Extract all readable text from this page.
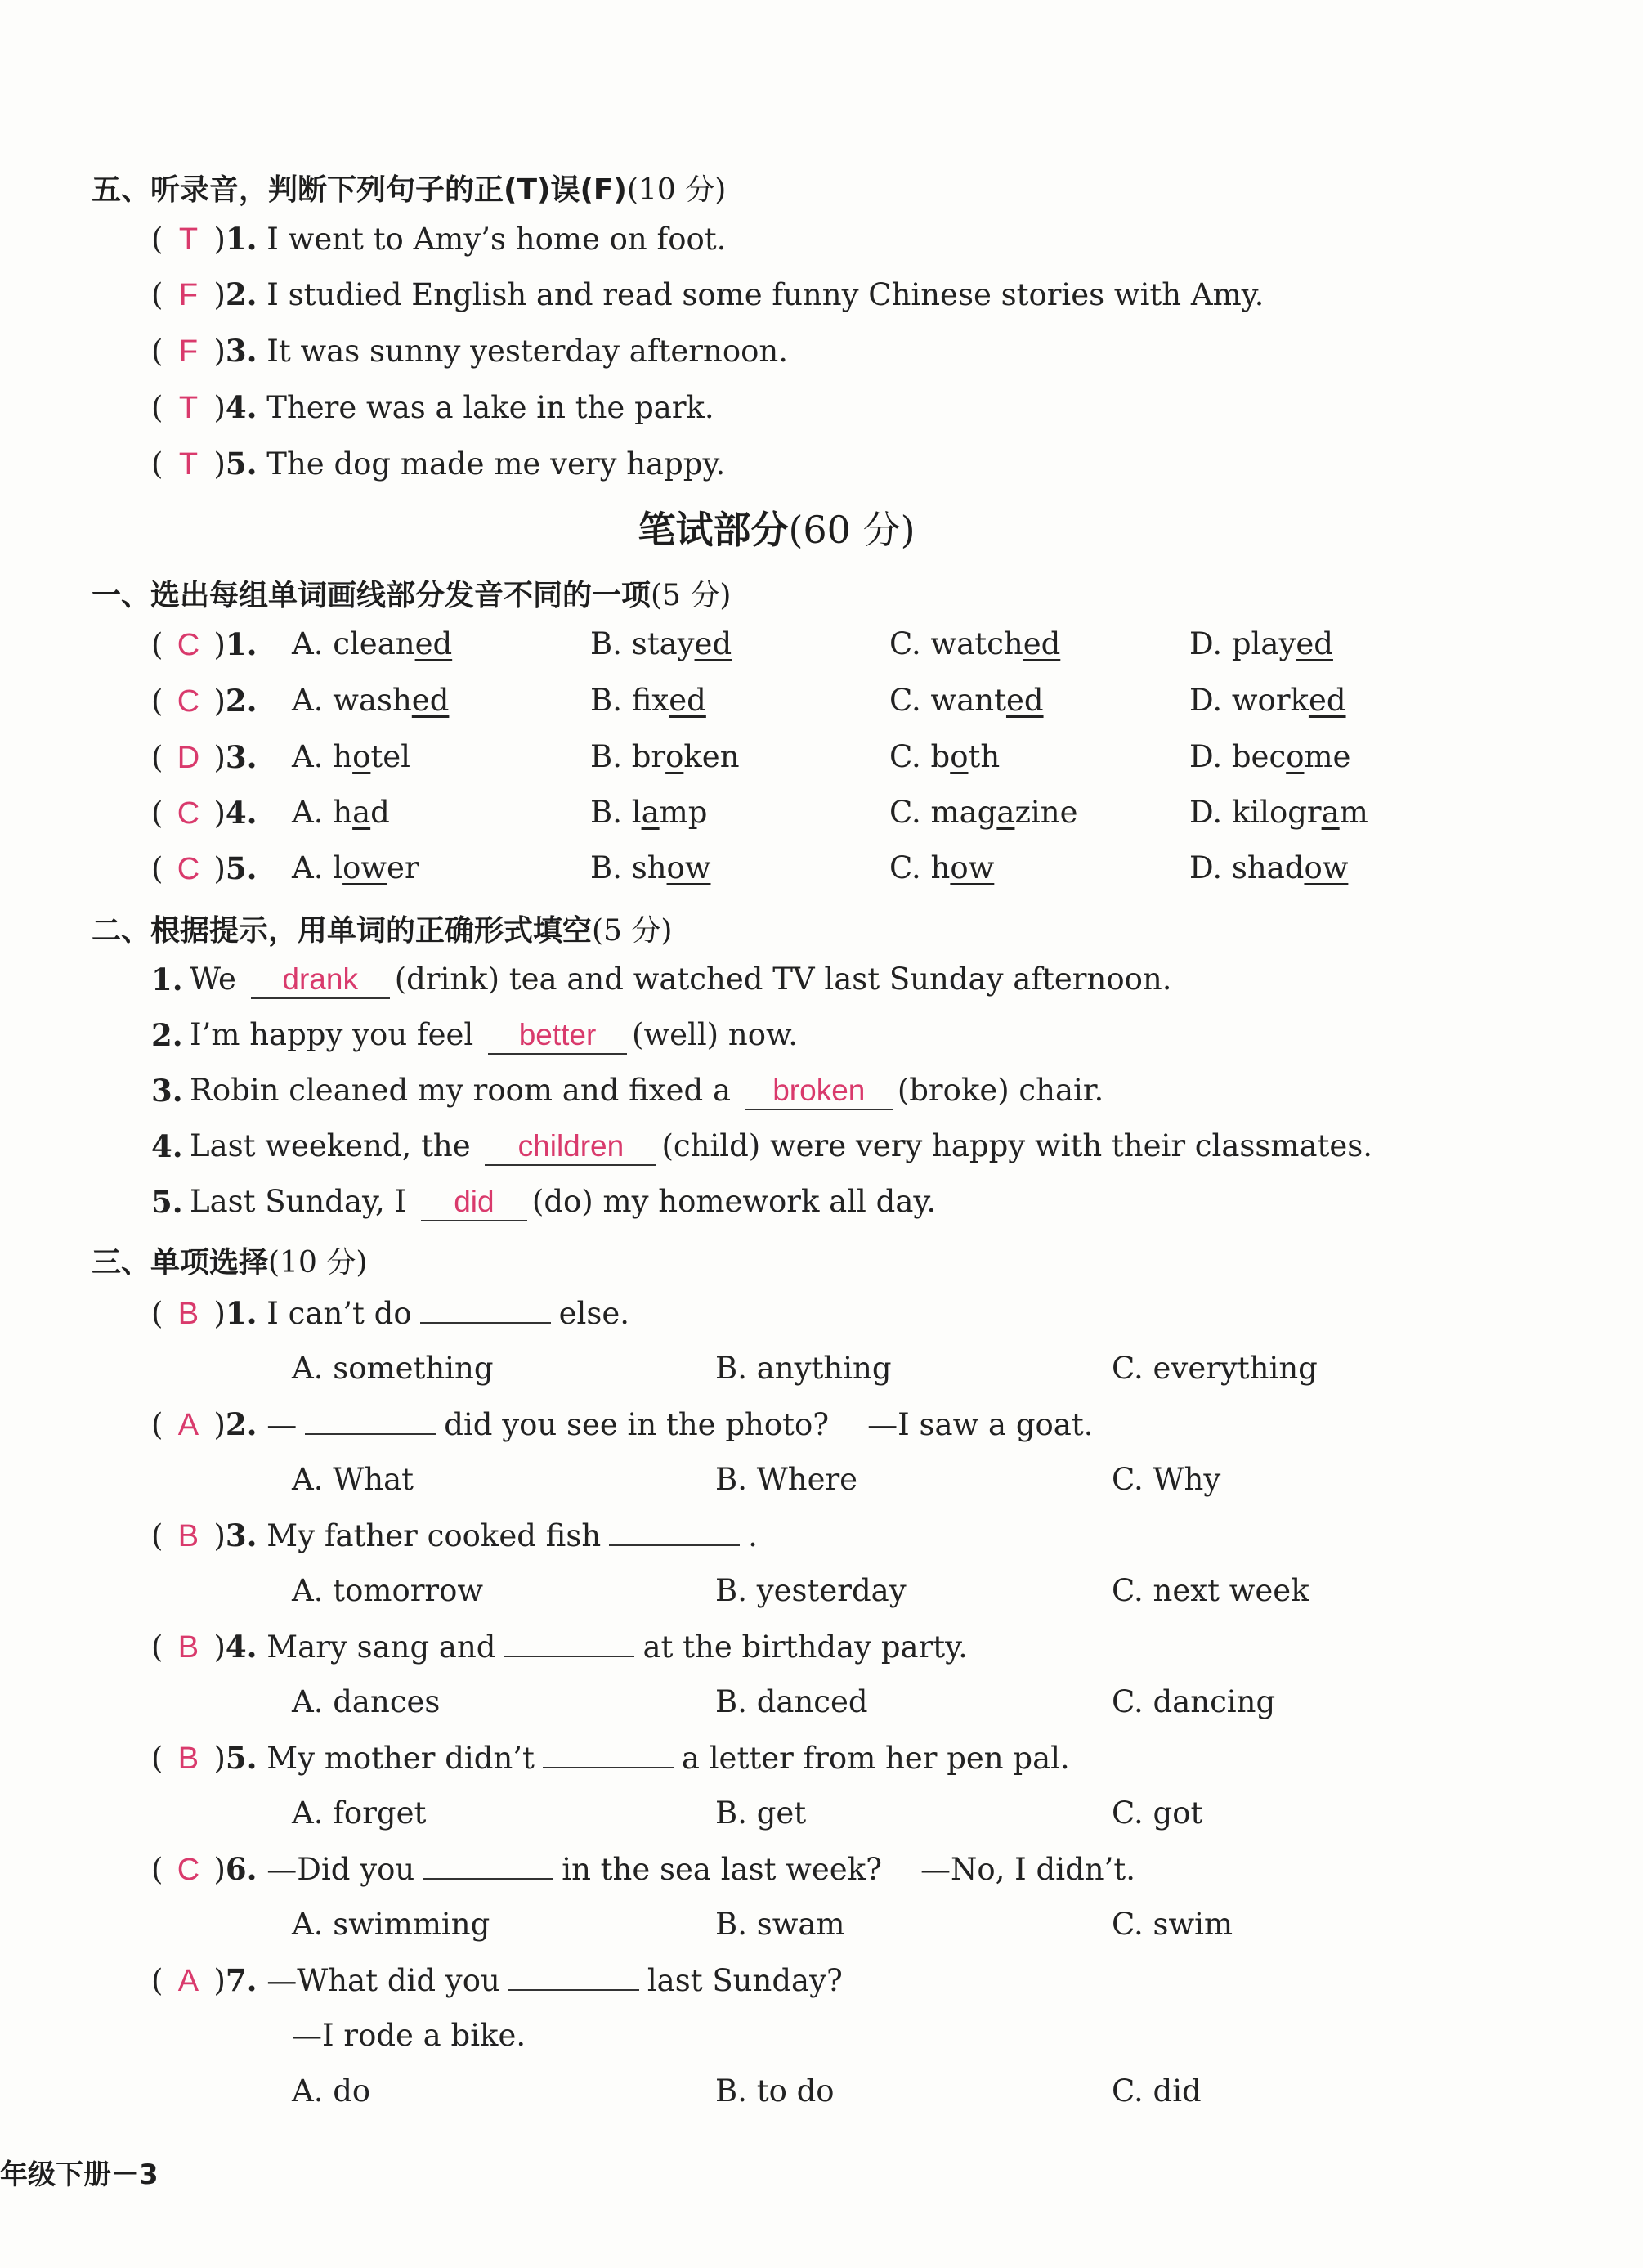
五、听录音，判断下列句子的正(T)误(F)(10 分)
( T )1. I went to Amy’s home on foot.
( F )2. I studied English and read some funny Chinese stories with Amy.
( F )3. It was sunny yesterday afternoon.
( T )4. There was a lake in the park.
( T )5. The dog made me very happy.
笔试部分(60 分)
一、选出每组单词画线部分发音不同的一项(5 分)
( C )1. A. cleaned	B. stayed	C. watched	D. played
( C )2. A. washed	B. fixed	C. wanted	D. worked
( D )3. A. hotel	B. broken	C. both	D. become
( C )4. A. had	B. lamp	C. magazine	D. kilogram
( C )5. A. lower	B. show	C. how	D. shadow
二、根据提示，用单词的正确形式填空(5 分)
1. We drank (drink) tea and watched TV last Sunday afternoon.
2. I’m happy you feel better (well) now.
3. Robin cleaned my room and fixed a broken (broke) chair.
4. Last weekend, the children (child) were very happy with their classmates.
5. Last Sunday, I did (do) my homework all day.
三、单项选择(10 分)
( B )1. I can’t do	else.
A. something	B. anything	C. everything
( A )2. —	did you see in the photo? —I saw a goat.
A. What	B. Where	C. Why
( B )3. My father cooked fish	.
A. tomorrow	B. yesterday	C. next week
( B )4. Mary sang and	at the birthday party.
A. dances	B. danced	C. dancing
( B )5. My mother didn’t	a letter from her pen pal.
A. forget	B. get	C. got
( C )6. —Did you	in the sea last week? —No, I didn’t.
A. swimming	B. swam	C. swim
( A )7. —What did you	last Sunday?
—I rode a bike.
A. do	B. to do	C. did
年级下册－3
